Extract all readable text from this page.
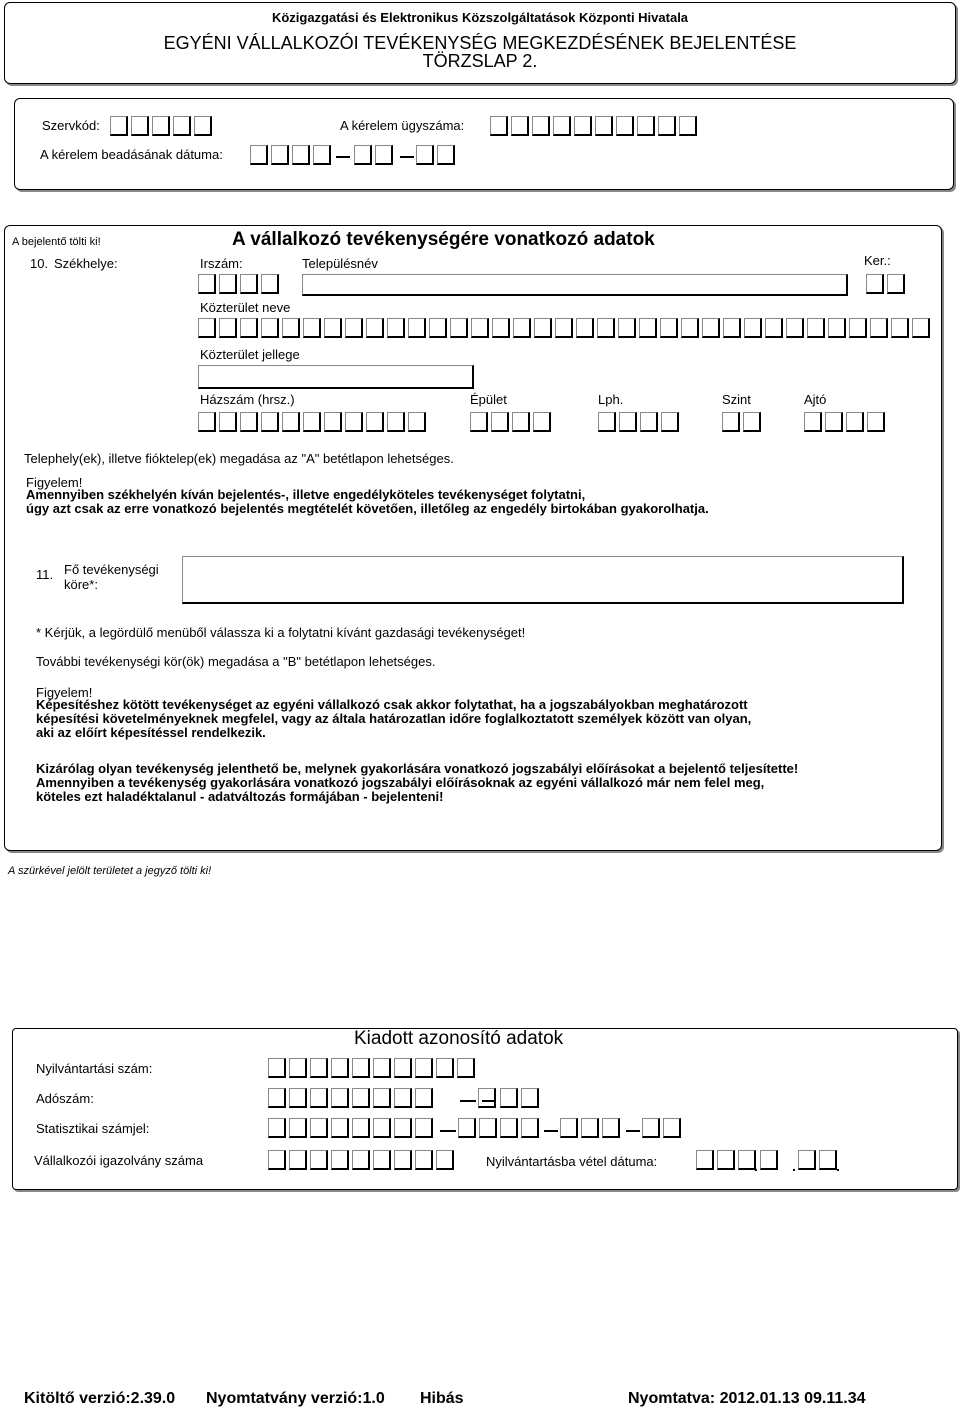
Közigazgatási és Elektronikus Közszolgáltatások Központi Hivatala
EGYÉNI VÁLLALKOZÓI TEVÉKENYSÉG MEGKEZDÉSÉNEK BEJELENTÉSE
TÖRZSLAP 2.
Szervkód:	A kérelem ügyszáma:
A kérelem beadásának dátuma:
A bejelentő tölti ki!	A vállalkozó tevékenységére vonatkozó adatok
10. Székhelye:	Irszám:	Településnév	Ker.:
Közterület neve
Közterület jellege
Házszám (hrsz.)	Épület	Lph.	Szint	Ajtó
Telephely(ek), illetve fióktelep(ek) megadása az "A" betétlapon lehetséges.
Figyelem!
Amennyiben székhelyén kíván bejelentés-, illetve engedélyköteles tevékenységet folytatni,
úgy azt csak az erre vonatkozó bejelentés megtételét követően, illetőleg az engedély birtokában gyakorolhatja.
11. Fő tevékenységi
köre*:
* Kérjük, a legördülő menüből válassza ki a folytatni kívánt gazdasági tevékenységet!
További tevékenységi kör(ök) megadása a "B" betétlapon lehetséges.
Figyelem!
Képesítéshez kötött tevékenységet az egyéni vállalkozó csak akkor folytathat, ha a jogszabályokban meghatározott
képesítési követelményeknek megfelel, vagy az általa határozatlan időre foglalkoztatott személyek között van olyan,
aki az előírt képesítéssel rendelkezik.
Kizárólag olyan tevékenység jelenthető be, melynek gyakorlására vonatkozó jogszabályi előírásokat a bejelentő teljesítette!
Amennyiben a tevékenység gyakorlására vonatkozó jogszabályi előírásoknak az egyéni vállalkozó már nem felel meg,
köteles ezt haladéktalanul - adatváltozás formájában - bejelenteni!
A szürkével jelölt területet a jegyző tölti ki!
Kiadott azonosító adatok
Nyilvántartási szám:
Adószám:
Statisztikai számjel:
Vállalkozói igazolvány száma	Nyilvántartásba vétel dátuma:	. .	.
Kitöltő verzió:2.39.0 Nyomtatvány verzió:1.0 Hibás	Nyomtatva: 2012.01.13 09.11.34
